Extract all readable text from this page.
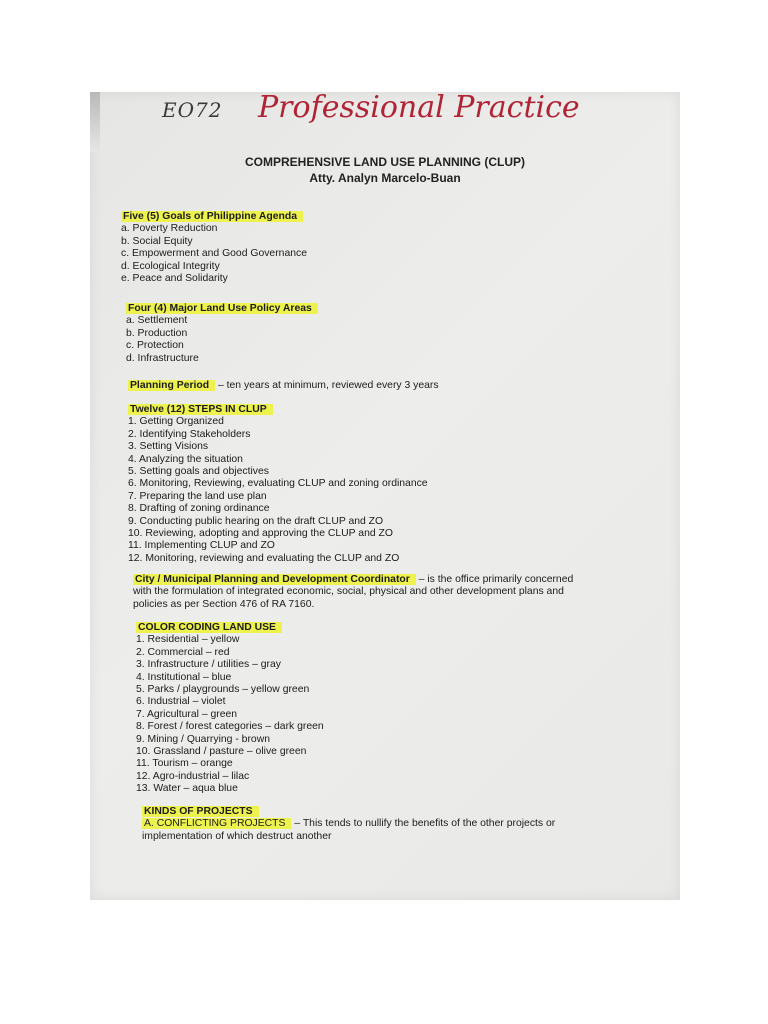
EO72 Professional Practice
COMPREHENSIVE LAND USE PLANNING (CLUP)
Atty. Analyn Marcelo-Buan
Five (5) Goals of Philippine Agenda
a. Poverty Reduction
b. Social Equity
c. Empowerment and Good Governance
d. Ecological Integrity
e. Peace and Solidarity
Four (4) Major Land Use Policy Areas
a. Settlement
b. Production
c. Protection
d. Infrastructure
Planning Period – ten years at minimum, reviewed every 3 years
Twelve (12) STEPS IN CLUP
1. Getting Organized
2. Identifying Stakeholders
3. Setting Visions
4. Analyzing the situation
5. Setting goals and objectives
6. Monitoring, Reviewing, evaluating CLUP and zoning ordinance
7. Preparing the land use plan
8. Drafting of zoning ordinance
9. Conducting public hearing on the draft CLUP and ZO
10. Reviewing, adopting and approving the CLUP and ZO
11. Implementing CLUP and ZO
12. Monitoring, reviewing and evaluating the CLUP and ZO
City / Municipal Planning and Development Coordinator – is the office primarily concerned with the formulation of integrated economic, social, physical and other development plans and policies as per Section 476 of RA 7160.
COLOR CODING LAND USE
1. Residential – yellow
2. Commercial – red
3. Infrastructure / utilities – gray
4. Institutional – blue
5. Parks / playgrounds – yellow green
6. Industrial – violet
7. Agricultural – green
8. Forest / forest categories – dark green
9. Mining / Quarrying - brown
10. Grassland / pasture – olive green
11. Tourism – orange
12. Agro-industrial – lilac
13. Water – aqua blue
KINDS OF PROJECTS
A. CONFLICTING PROJECTS – This tends to nullify the benefits of the other projects or implementation of which destruct another
